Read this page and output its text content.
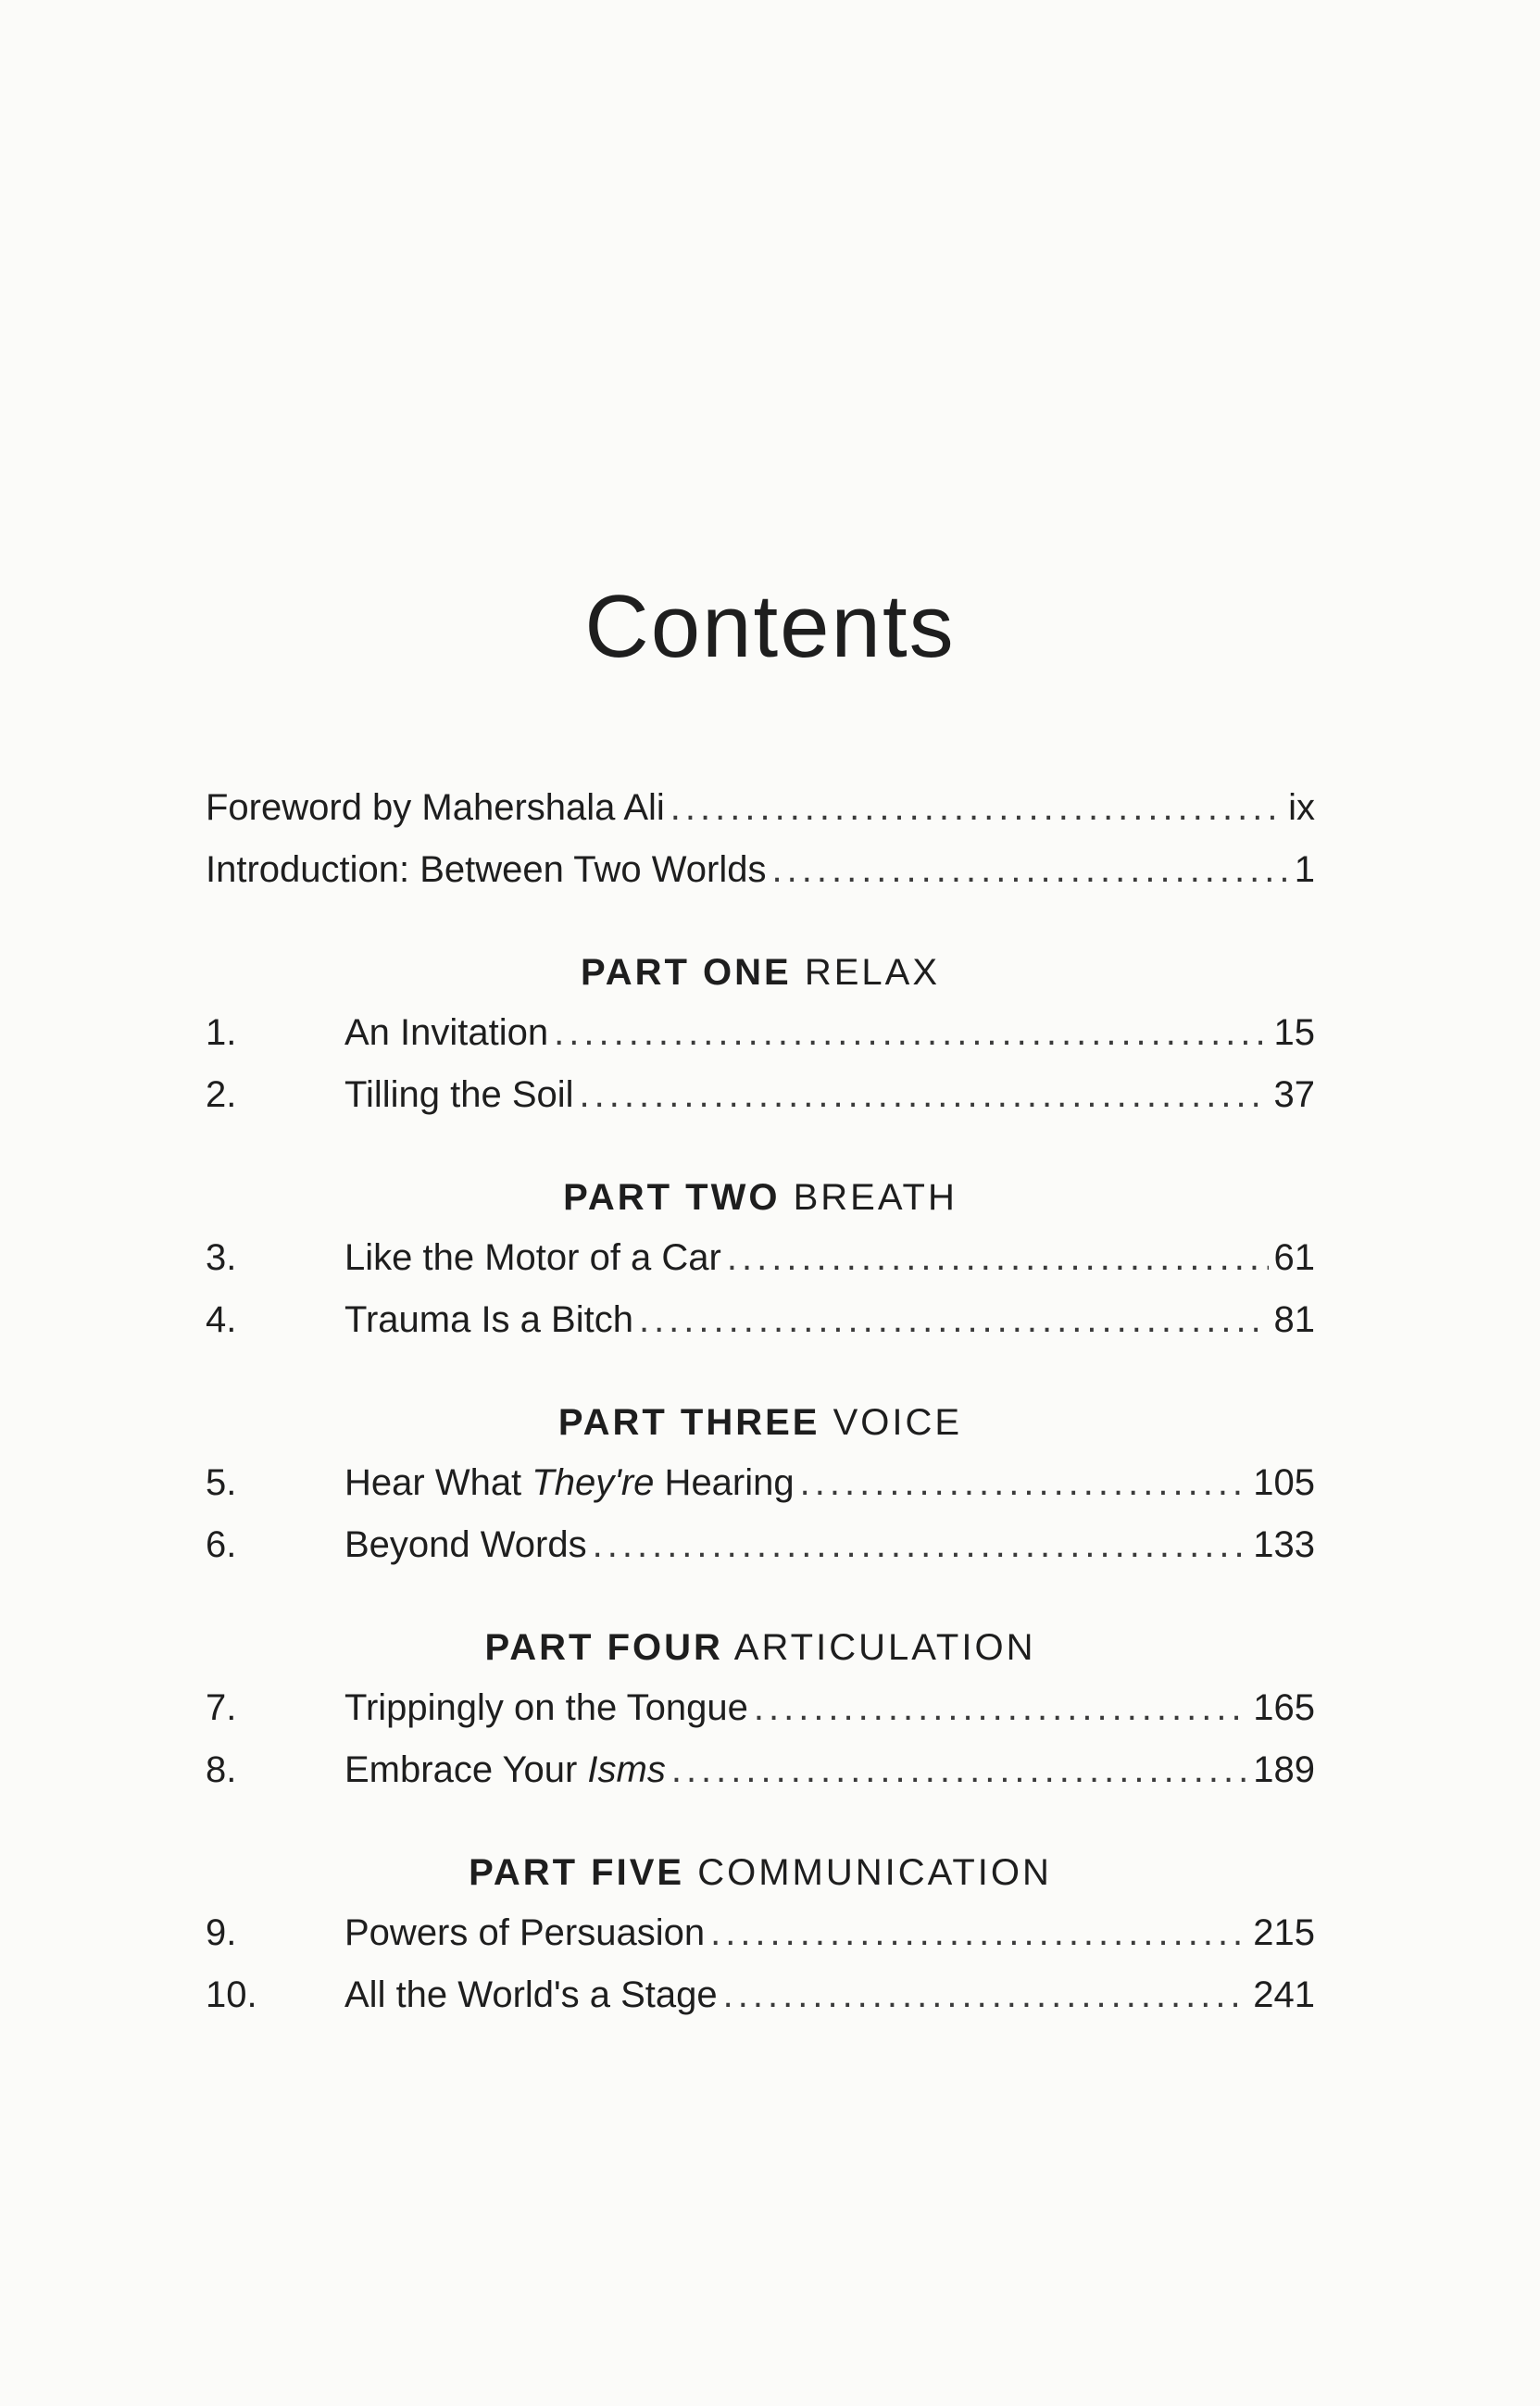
Contents
Foreword by Mahershala Ali .....	ix
Introduction: Between Two Worlds .....	1
PART ONE RELAX
1.	An Invitation .....	15
2.	Tilling the Soil .....	37
PART TWO BREATH
3.	Like the Motor of a Car .....	61
4.	Trauma Is a Bitch .....	81
PART THREE VOICE
5.	Hear What They're Hearing .....	105
6.	Beyond Words .....	133
PART FOUR ARTICULATION
7.	Trippingly on the Tongue .....	165
8.	Embrace Your Isms .....	189
PART FIVE COMMUNICATION
9.	Powers of Persuasion .....	215
10.	All the World's a Stage .....	241
